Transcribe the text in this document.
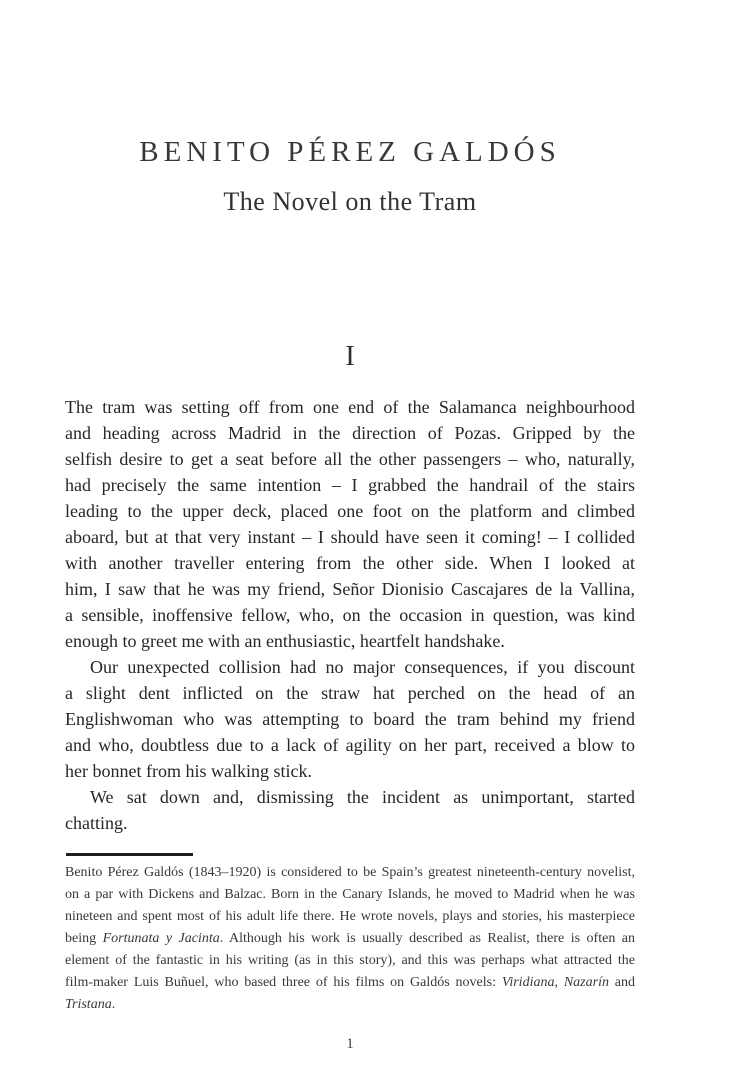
BENITO PÉREZ GALDÓS
The Novel on the Tram
I
The tram was setting off from one end of the Salamanca neighbourhood
and heading across Madrid in the direction of Pozas. Gripped by the
selfish desire to get a seat before all the other passengers – who, naturally,
had precisely the same intention – I grabbed the handrail of the stairs
leading to the upper deck, placed one foot on the platform and climbed
aboard, but at that very instant – I should have seen it coming! – I collided
with another traveller entering from the other side. When I looked at
him, I saw that he was my friend, Señor Dionisio Cascajares de la Vallina,
a sensible, inoffensive fellow, who, on the occasion in question, was kind
enough to greet me with an enthusiastic, heartfelt handshake.
Our unexpected collision had no major consequences, if you discount
a slight dent inflicted on the straw hat perched on the head of an
Englishwoman who was attempting to board the tram behind my friend
and who, doubtless due to a lack of agility on her part, received a blow to
her bonnet from his walking stick.
We sat down and, dismissing the incident as unimportant, started
chatting.
Benito Pérez Galdós (1843–1920) is considered to be Spain’s greatest nineteenth-century novelist,
on a par with Dickens and Balzac. Born in the Canary Islands, he moved to Madrid when he was
nineteen and spent most of his adult life there. He wrote novels, plays and stories, his masterpiece
being Fortunata y Jacinta. Although his work is usually described as Realist, there is often an
element of the fantastic in his writing (as in this story), and this was perhaps what attracted the
film-maker Luis Buñuel, who based three of his films on Galdós novels: Viridiana, Nazarín and
Tristana.
1
